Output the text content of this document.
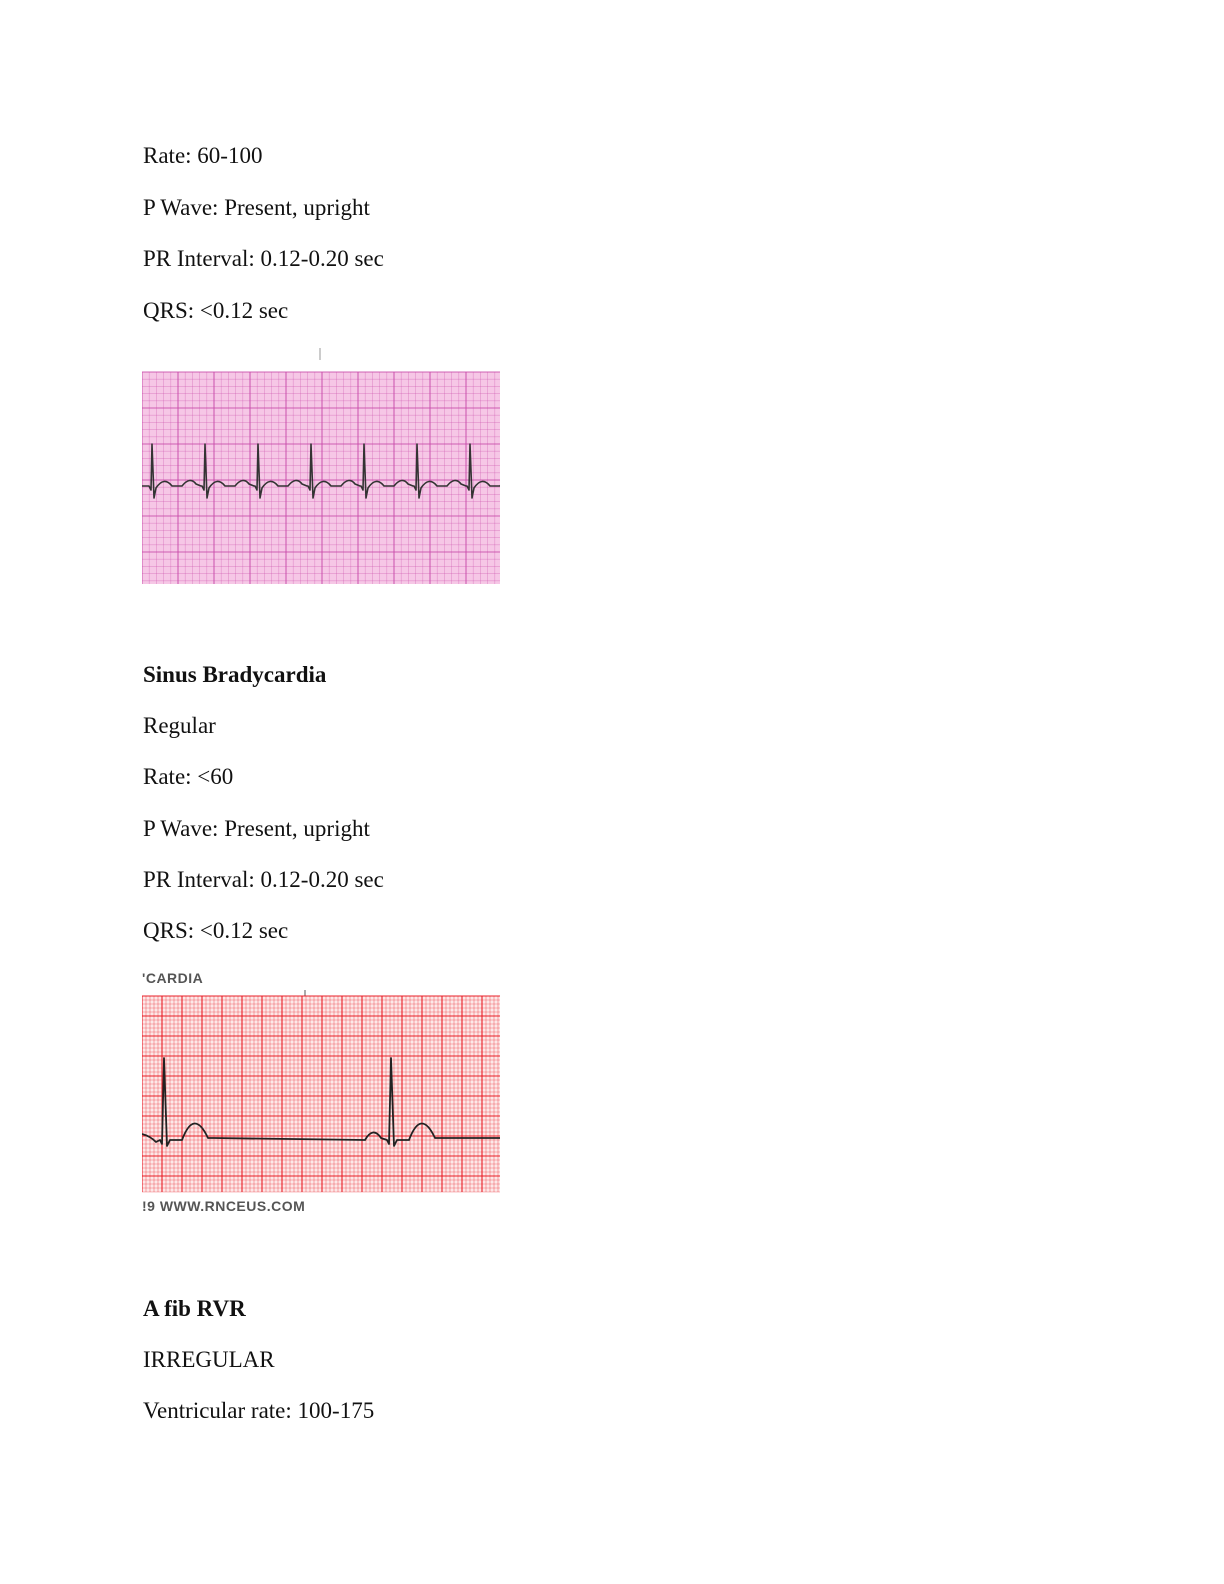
Rate: 60-100

P Wave: Present, upright

PR Interval: 0.12-0.20 sec

QRS: <0.12 sec

Sinus Bradycardia

Regular

Rate: <60

P Wave: Present, upright

PR Interval: 0.12-0.20 sec

QRS: <0.12 sec

'CARDIA
!9 WWW.RNCEUS.COM

A fib RVR

IRREGULAR

Ventricular rate: 100-175
